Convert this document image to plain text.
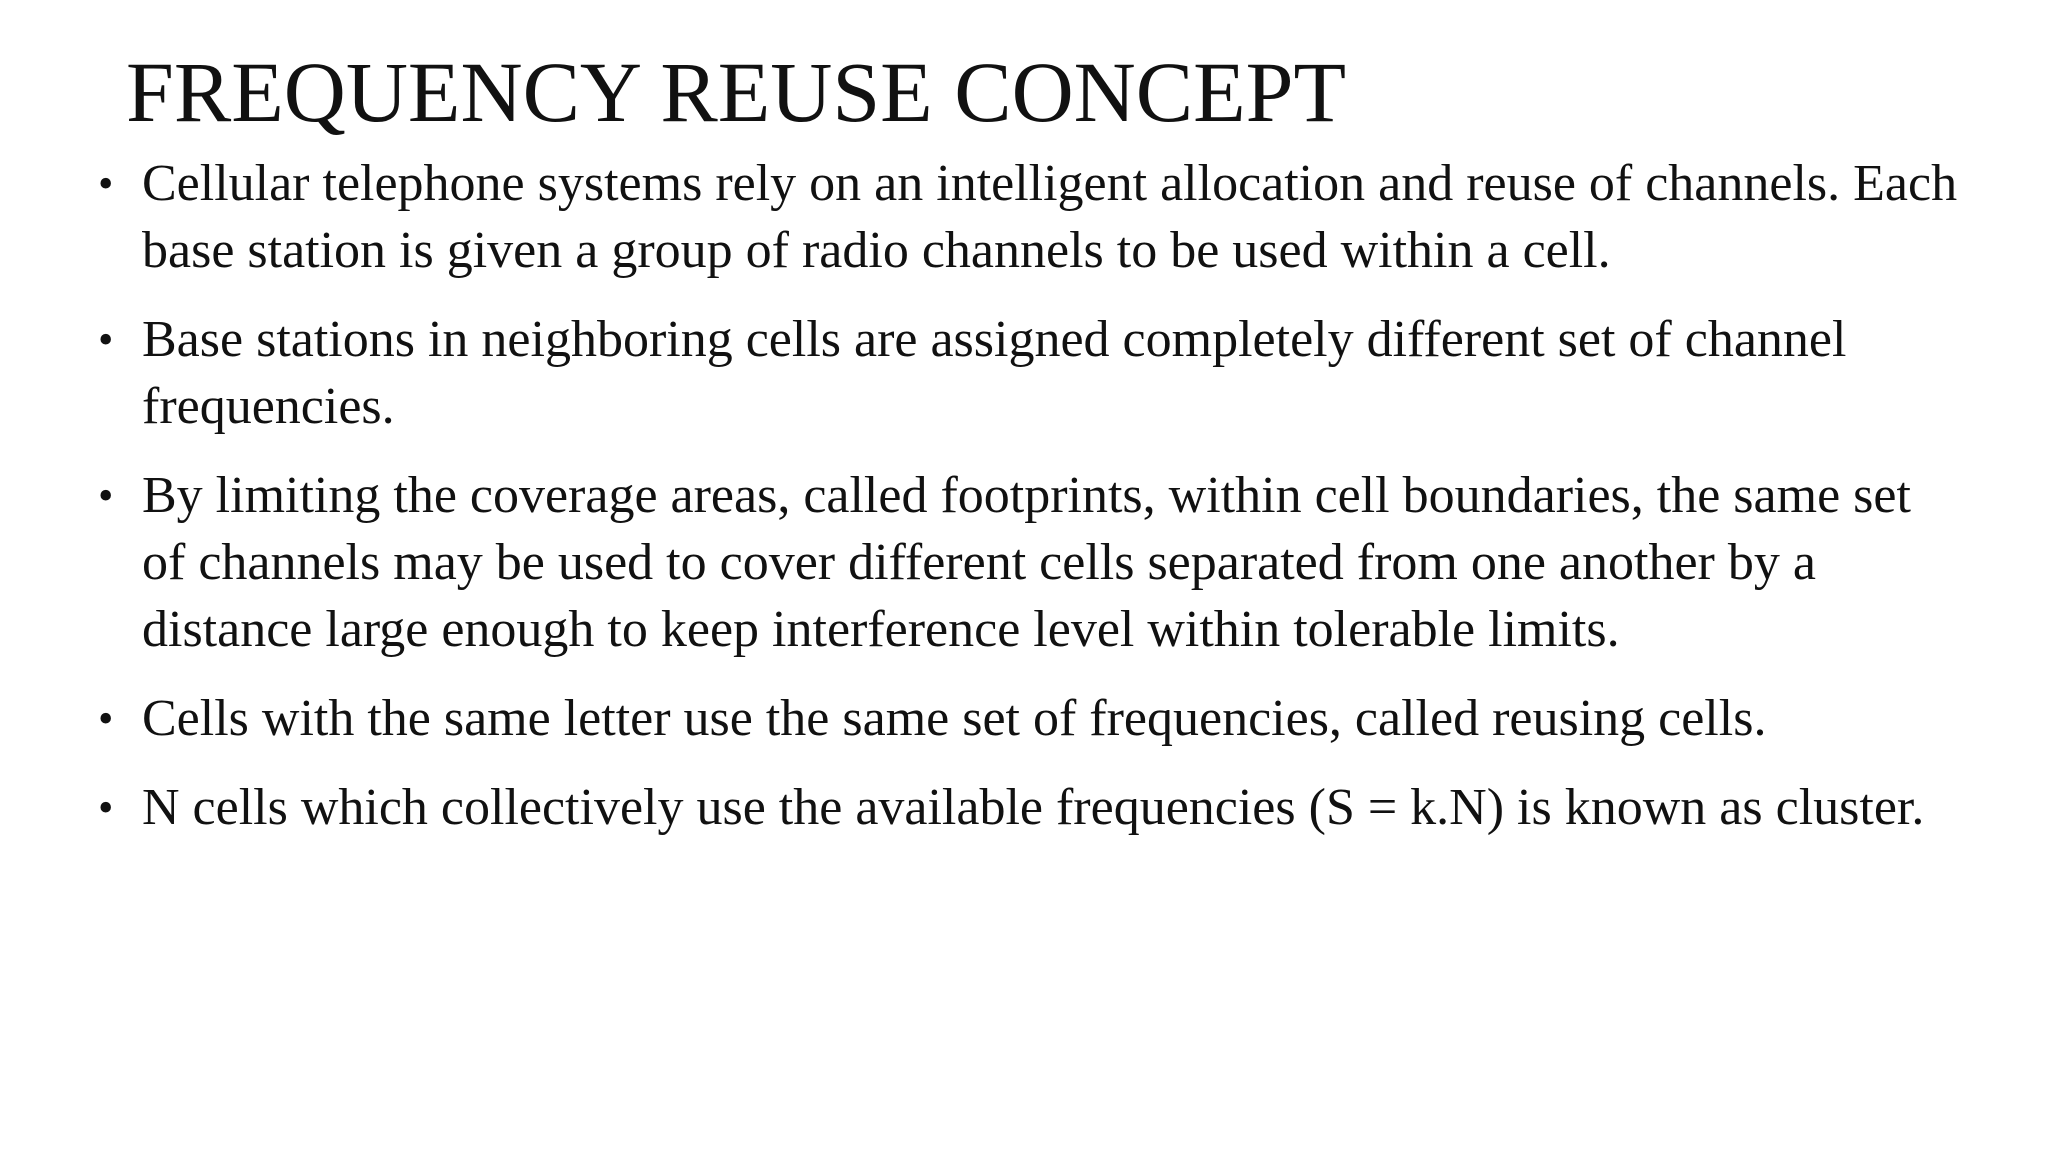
FREQUENCY REUSE CONCEPT
• Cellular telephone systems rely on an intelligent allocation and reuse of channels. Each base station is given a group of radio channels to be used within a cell.
• Base stations in neighboring cells are assigned completely different set of channel frequencies.
• By limiting the coverage areas, called footprints, within cell boundaries, the same set of channels may be used to cover different cells separated from one another by a distance large enough to keep interference level within tolerable limits.
• Cells with the same letter use the same set of frequencies, called reusing cells.
• N cells which collectively use the available frequencies (S = k.N) is known as cluster.
